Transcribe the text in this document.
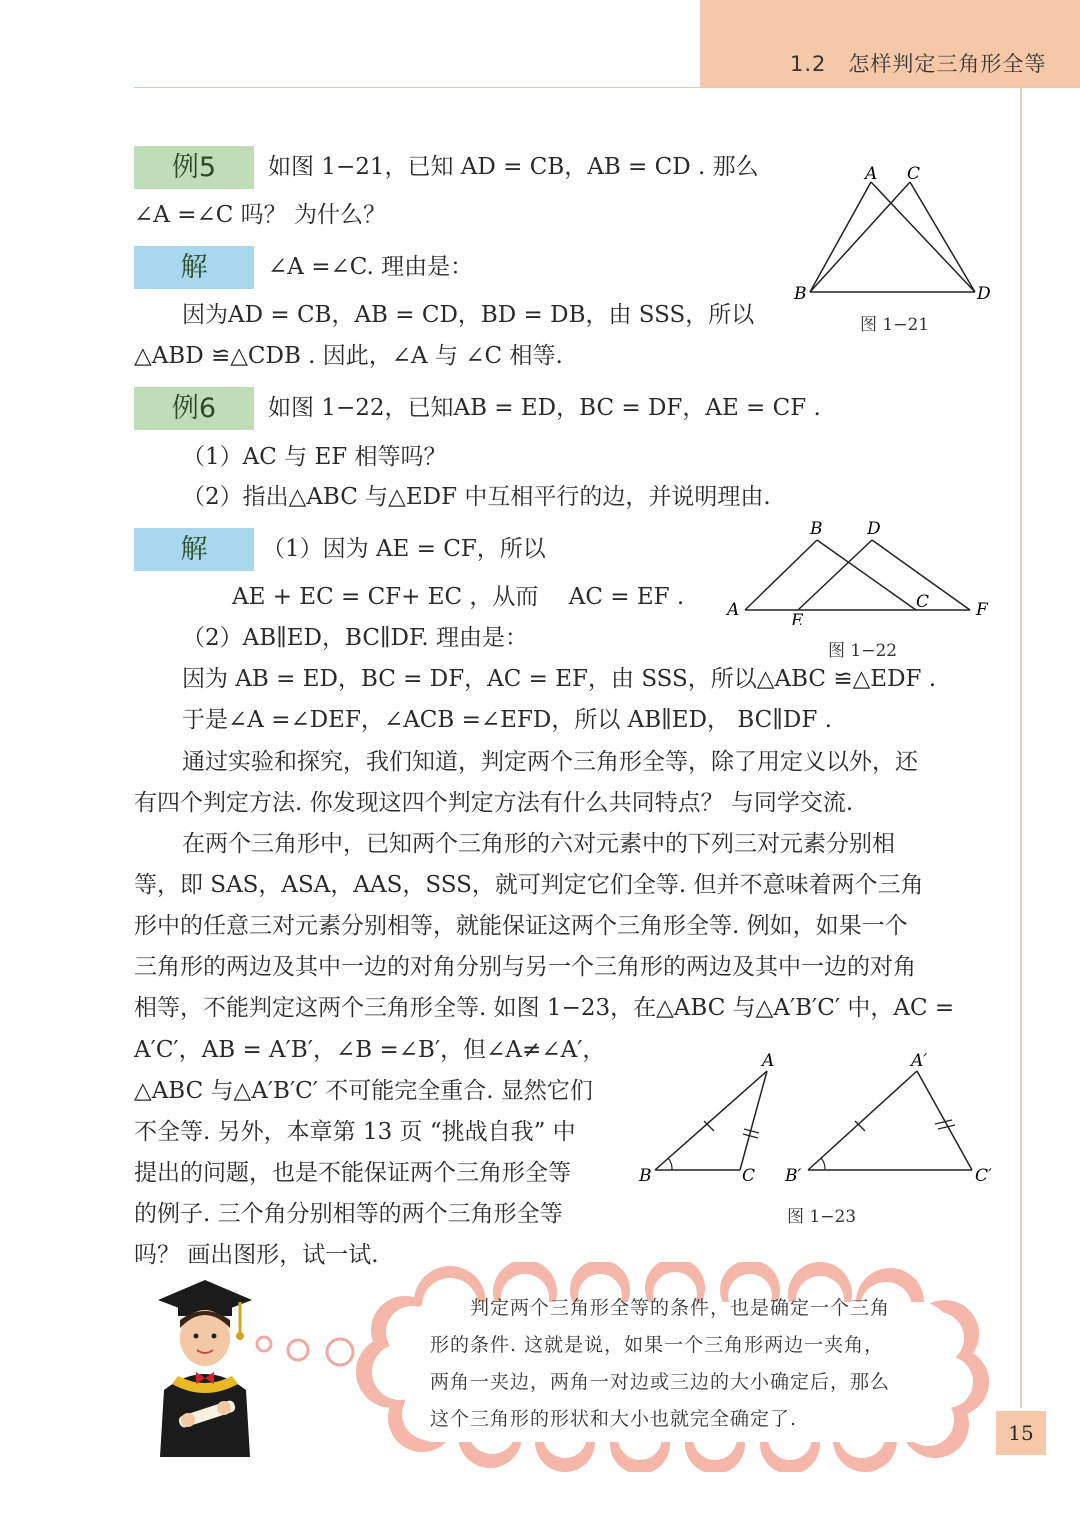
1.2　怎样判定三角形全等
例5	如图 1−21，已知 AD = CB，AB = CD . 那么
∠A =∠C 吗？ 为什么？
解	∠A =∠C. 理由是：
因为AD = CB，AB = CD，BD = DB，由 SSS，所以
△ABD ≌△CDB . 因此，∠A 与 ∠C 相等.
A C
B	D
图 1−21
例6	如图 1−22，已知AB = ED，BC = DF，AE = CF .
（1）AC 与 EF 相等吗？
（2）指出△ABC 与△EDF 中互相平行的边，并说明理由.
解	（1）因为 AE = CF，所以
AE + EC = CF+ EC ，从而　 AC = EF .
（2）AB∥ED，BC∥DF. 理由是：
因为 AB = ED，BC = DF，AC = EF，由 SSS，所以△ABC ≌△EDF .
于是∠A =∠DEF，∠ACB =∠EFD，所以 AB∥ED， BC∥DF .
B	D
A
E
C	F
图 1−22
通过实验和探究，我们知道，判定两个三角形全等，除了用定义以外，还
有四个判定方法. 你发现这四个判定方法有什么共同特点？ 与同学交流.
在两个三角形中，已知两个三角形的六对元素中的下列三对元素分别相
等，即 SAS，ASA，AAS，SSS，就可判定它们全等. 但并不意味着两个三角
形中的任意三对元素分别相等，就能保证这两个三角形全等. 例如，如果一个
三角形的两边及其中一边的对角分别与另一个三角形的两边及其中一边的对角
相等，不能判定这两个三角形全等. 如图 1−23，在△ABC 与△A′B′C′ 中，AC =
A′C′，AB = A′B′，∠B =∠B′，但∠A≠∠A′，
△ABC 与△A′B′C′ 不可能完全重合. 显然它们
不全等. 另外，本章第 13 页 “挑战自我” 中
提出的问题，也是不能保证两个三角形全等
的例子. 三个角分别相等的两个三角形全等
吗？ 画出图形，试一试.
A
B	C
A′
B′	C′
图 1−23
判定两个三角形全等的条件，也是确定一个三角
形的条件. 这就是说，如果一个三角形两边一夹角，
两角一夹边，两角一对边或三边的大小确定后，那么
这个三角形的形状和大小也就完全确定了.
15
